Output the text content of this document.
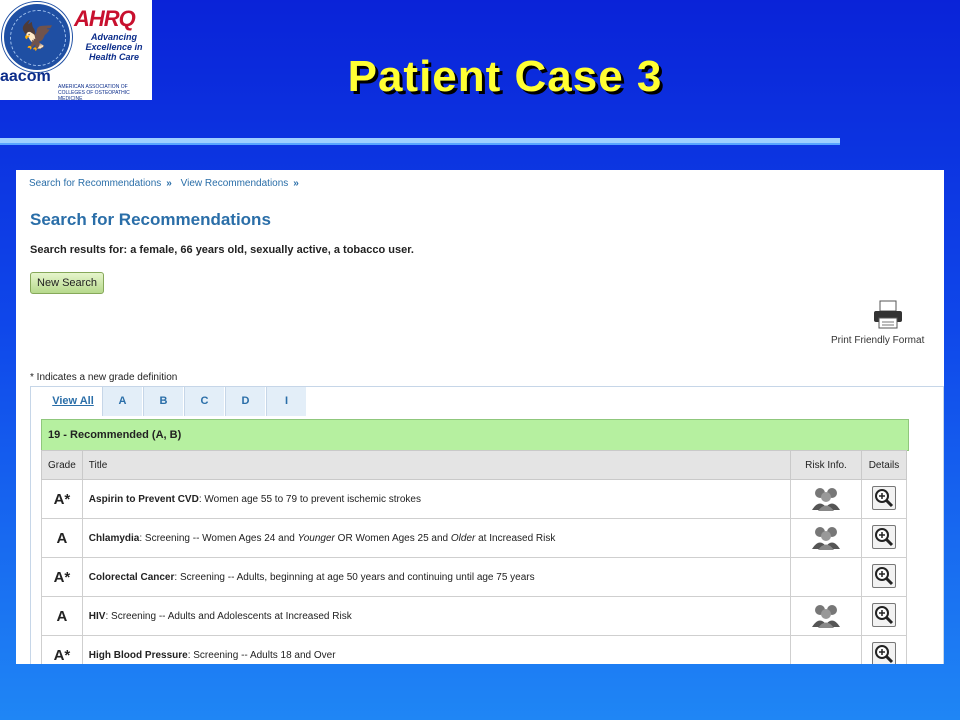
🦅
AHRQ
Advancing Excellence in Health Care
aacom
AMERICAN ASSOCIATION OF COLLEGES OF OSTEOPATHIC MEDICINE	Patient Case 3
Search for Recommendations » View Recommendations »
Search for Recommendations
Search results for: a female, 66 years old, sexually active, a tobacco user.
New Search
Print Friendly Format
* Indicates a new grade definition
View All	A	B	C	D	I
19 - Recommended (A, B)
Grade	Title	Risk Info.	Details
A*	Aspirin to Prevent CVD: Women age 55 to 79 to prevent ischemic strokes		

A	Chlamydia: Screening -- Women Ages 24 and Younger OR Women Ages 25 and Older at Increased Risk		

A*	Colorectal Cancer: Screening -- Adults, beginning at age 50 years and continuing until age 75 years		

A	HIV: Screening -- Adults and Adolescents at Increased Risk		

A*	High Blood Pressure: Screening -- Adults 18 and Over		
